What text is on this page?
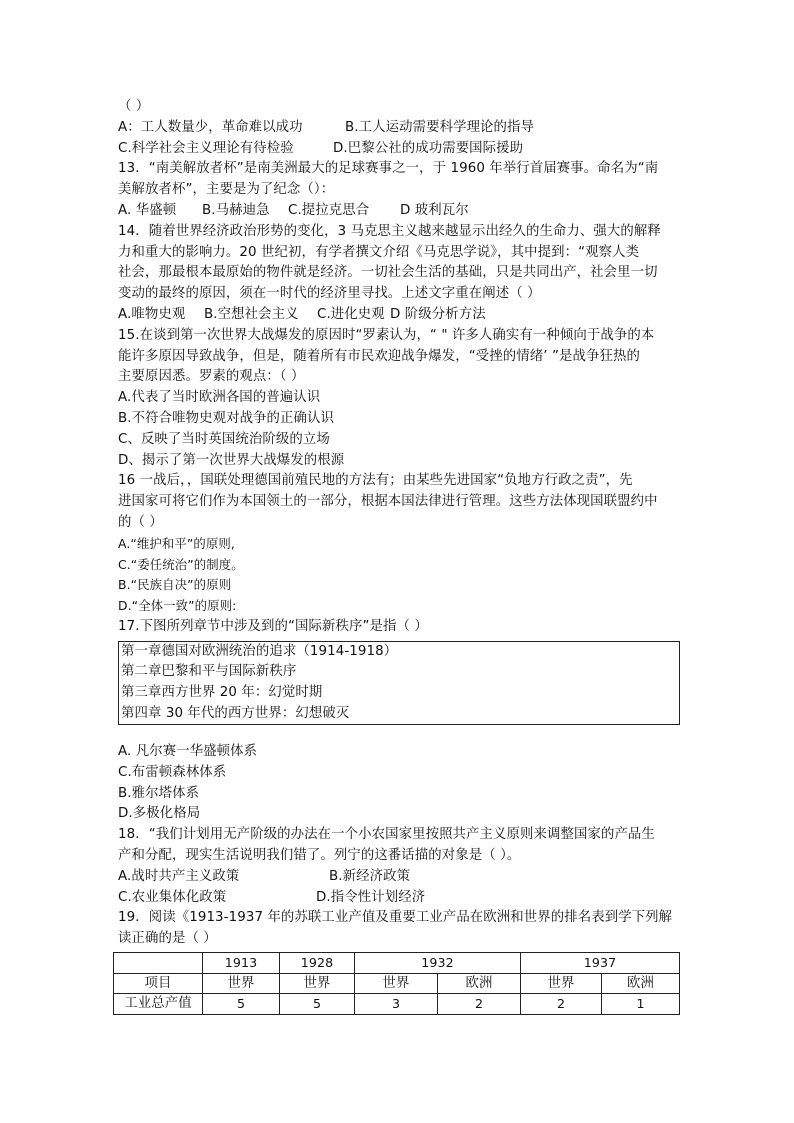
（ ）
A：工人数量少，革命难以成功	B.工人运动需要科学理论的指导
C.科学社会主义理论有待检验	D.巴黎公社的成功需要国际援助
13．“南美解放者杯”是南美洲最大的足球赛事之一，于 1960 年举行首届赛事。命名为“南
美解放者杯”，主要是为了纪念（）：
A. 华盛顿	B.马赫迪急	C.提拉克思合	D 玻利瓦尔
14．随着世界经济政治形势的变化，3 马克思主义越来越显示出经久的生命力、强大的解释
力和重大的影响力。20 世纪初，有学者撰文介绍《马克思学说》，其中提到：“观察人类
社会，那最根本最原始的物件就是经济。一切社会生活的基础，只是共同出产，社会里一切
变动的最终的原因，须在一时代的经济里寻找。上述文字重在阐述（ ）
A.唯物史观	B.空想社会主义	C.进化史观 D 阶级分析方法
15.在谈到第一次世界大战爆发的原因时“罗素认为，“ " 许多人确实有一种倾向于战争的本
能许多原因导致战争，但是，随着所有市民欢迎战争爆发，“受挫的情绪’ ”是战争狂热的
主要原因悉。罗素的观点：（ ）
A.代表了当时欧洲各国的普遍认识
B.不符合唯物史观对战争的正确认识
C、反映了当时英国统治阶级的立场
D、揭示了第一次世界大战爆发的根源
16 一战后，，国联处理德国前殖民地的方法有；由某些先进国家“负地方行政之责”，先
进国家可将它们作为本国领土的一部分，根据本国法律进行管理。这些方法体现国联盟约中
的（ ）
A.“维护和平”的原则,
C.“委任统治”的制度。
B.“民族自决”的原则
D.“全体一致”的原则:
17.下图所列章节中涉及到的“国际新秩序”是指（ ）
第一章德国对欧洲统治的追求（1914-1918）
第二章巴黎和平与国际新秩序
第三章西方世界 20 年：幻觉时期
第四章 30 年代的西方世界：幻想破灭
A. 凡尔赛一华盛顿体系
C.布雷顿森林体系
B.雅尔塔体系
D.多极化格局
18．“我们计划用无产阶级的办法在一个小农国家里按照共产主义原则来调整国家的产品生
产和分配，现实生活说明我们错了。列宁的这番话描的对象是（ ）。
A.战时共产主义政策	B.新经济政策
C.农业集体化政策	D.指令性计划经济
19．阅读《1913-1937 年的苏联工业产值及重要工业产品在欧洲和世界的排名表到学下列解
读正确的是（ ）
	1913	1928	1932		1937	
项目	世界	世界	世界	欧洲	世界	欧洲
工业总产值	5	5	3	2	2	1
